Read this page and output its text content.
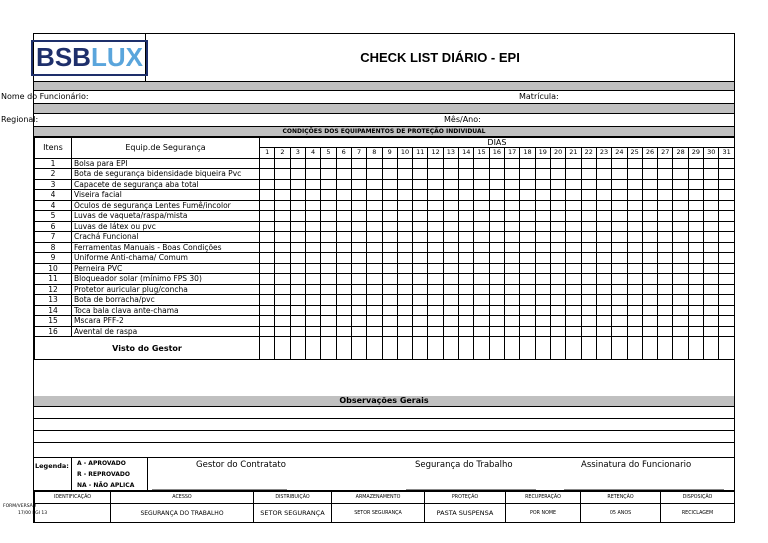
BSBLUX	CHECK LIST DIÁRIO - EPI
Nome do Funcionário:	Matrícula:
Regional:	Mês/Ano:
CONDIÇÕES DOS EQUIPAMENTOS DE PROTEÇÃO INDIVIDUAL
Itens	Equip.de Segurança	DIAS																														
		1	2	3	4	5	6	7	8	9	10	11	12	13	14	15	16	17	18	19	20	21	22	23	24	25	26	27	28	29	30	31
1	Bolsa para EPI																															
2	Bota de segurança bidensidade biqueira Pvc																															
3	Capacete de segurança aba total																															
4	Viseira facial																															
4	Óculos de segurança Lentes Fumê/incolor																															
5	Luvas de vaqueta/raspa/mista																															
6	Luvas de látex ou pvc																															
7	Crachá Funcional																															
8	Ferramentas Manuais - Boas Condições																															
9	Uniforme Anti-chama/ Comum																															
10	Perneira PVC																															
11	Bloqueador solar (mínimo FPS 30)																															
12	Protetor auricular plug/concha																															
13	Bota de borracha/pvc																															
14	Toca bala clava ante-chama																															
15	Mscara PFF-2																															
16	Avental de raspa																															
Visto do Gestor																																
Observações Gerais
Legenda:	A - APROVADO
R - REPROVADO
NA - NÃO APLICA
Gestor do Contratato	Segurança do Trabalho	Assinatura do Funcionario
IDENTIFICAÇÃO	ACESSO	DISTRIBUIÇÃO	ARMAZENAMENTO	PROTEÇÃO	RECUPERAÇÃO	RETENÇÃO	DISPOSIÇÃO

FORM/VERSÃO
17/00 PGI 13	SEGURANÇA DO TRABALHO	SETOR SEGURANÇA	SETOR SEGURANÇA	PASTA SUSPENSA	POR NOME	05 ANOS	RECICLAGEM
